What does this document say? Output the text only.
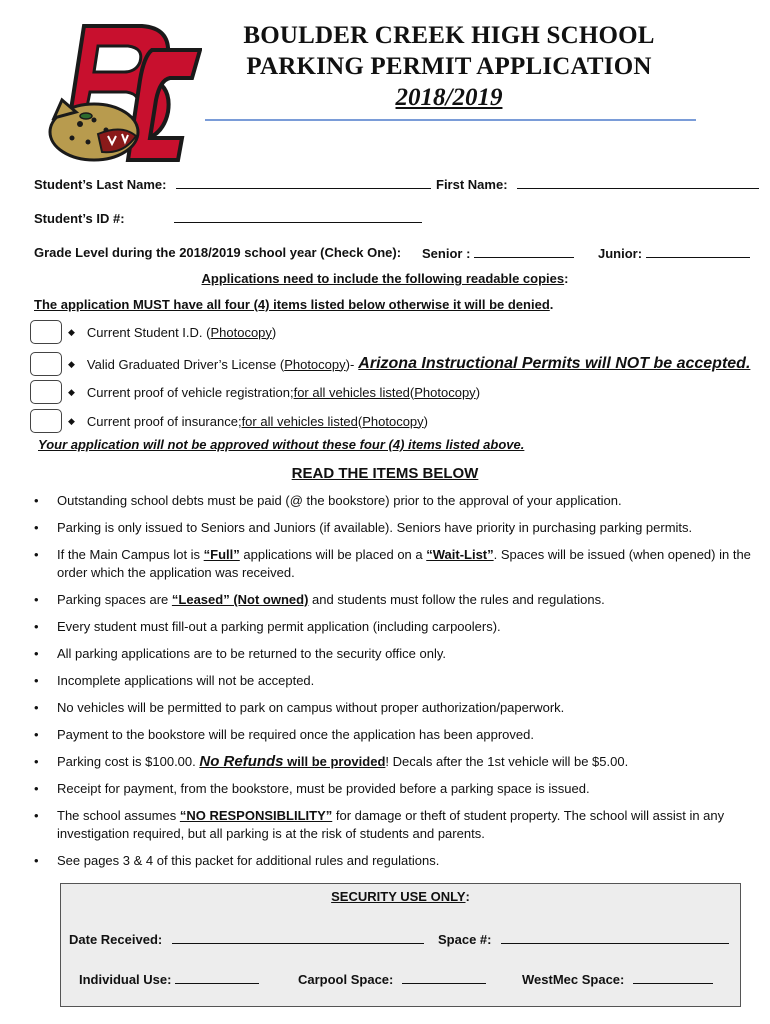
BOULDER CREEK HIGH SCHOOL
PARKING PERMIT APPLICATION
2018/2019
Student’s Last Name:	First Name:
Student’s ID #:
Grade Level during the 2018/2019 school year (Check One): Senior :	Junior:
Applications need to include the following readable copies:
The application MUST have all four (4) items listed below otherwise it will be denied.
◆ Current Student I.D. ( Photocopy )
◆ Valid Graduated Driver’s License ( Photocopy )- Arizona Instructional Permits will NOT be accepted.
◆ Current proof of vehicle registration; for all vehicles listed ( Photocopy )
◆ Current proof of insurance; for all vehicles listed ( Photocopy )
Your application will not be approved without these four (4) items listed above.
READ THE ITEMS BELOW
• Outstanding school debts must be paid (@ the bookstore) prior to the approval of your application.
• Parking is only issued to Seniors and Juniors (if available). Seniors have priority in purchasing parking permits.
• If the Main Campus lot is “Full” applications will be placed on a “Wait-List”. Spaces will be issued (when opened) in the order which the application was received.
• Parking spaces are “Leased” (Not owned) and students must follow the rules and regulations.
• Every student must fill-out a parking permit application (including carpoolers).
• All parking applications are to be returned to the security office only.
• Incomplete applications will not be accepted.
• No vehicles will be permitted to park on campus without proper authorization/paperwork.
• Payment to the bookstore will be required once the application has been approved.
• Parking cost is $100.00. No Refunds will be provided! Decals after the 1st vehicle will be $5.00.
• Receipt for payment, from the bookstore, must be provided before a parking space is issued.
• The school assumes “NO RESPONSIBLILITY” for damage or theft of student property. The school will assist in any investigation required, but all parking is at the risk of students and parents.
• See pages 3 & 4 of this packet for additional rules and regulations.
SECURITY USE ONLY:
Date Received:	Space #:
Individual Use:	Carpool Space:	WestMec Space:
